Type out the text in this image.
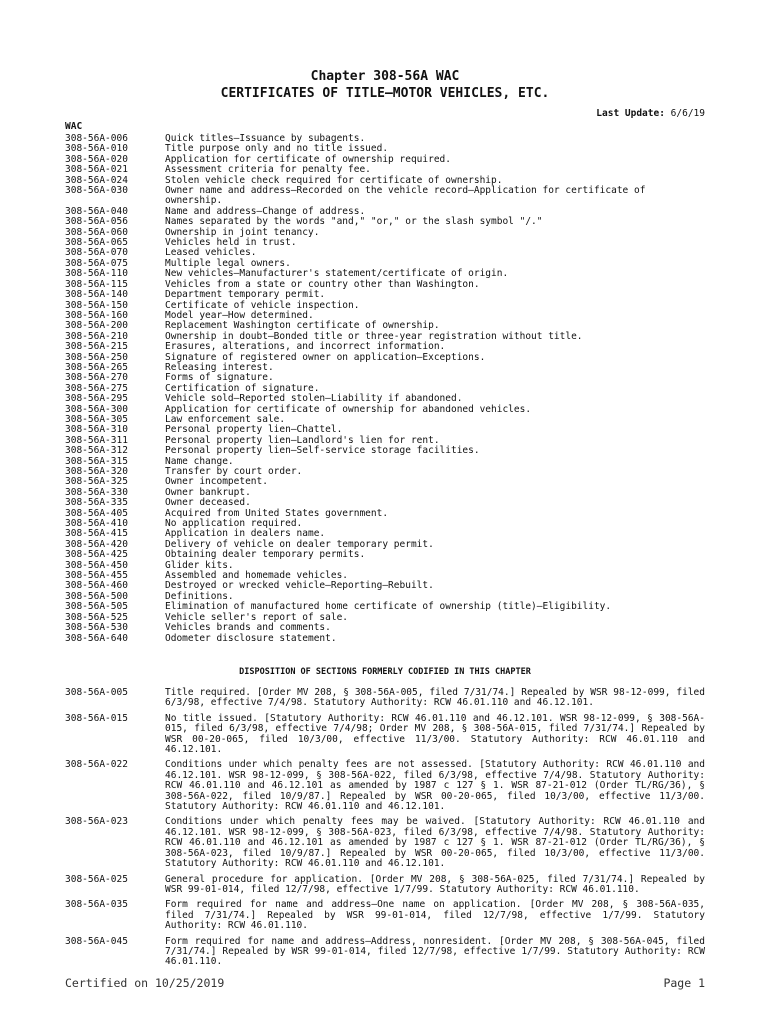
Chapter 308-56A WAC
CERTIFICATES OF TITLE—MOTOR VEHICLES, ETC.
Last Update: 6/6/19
WAC
308-56A-006	Quick titles—Issuance by subagents.
308-56A-010	Title purpose only and no title issued.
308-56A-020	Application for certificate of ownership required.
308-56A-021	Assessment criteria for penalty fee.
308-56A-024	Stolen vehicle check required for certificate of ownership.
308-56A-030	Owner name and address—Recorded on the vehicle record—Application for certificate of ownership.
308-56A-040	Name and address—Change of address.
308-56A-056	Names separated by the words "and," "or," or the slash symbol "/."
308-56A-060	Ownership in joint tenancy.
308-56A-065	Vehicles held in trust.
308-56A-070	Leased vehicles.
308-56A-075	Multiple legal owners.
308-56A-110	New vehicles—Manufacturer's statement/certificate of origin.
308-56A-115	Vehicles from a state or country other than Washington.
308-56A-140	Department temporary permit.
308-56A-150	Certificate of vehicle inspection.
308-56A-160	Model year—How determined.
308-56A-200	Replacement Washington certificate of ownership.
308-56A-210	Ownership in doubt—Bonded title or three-year registration without title.
308-56A-215	Erasures, alterations, and incorrect information.
308-56A-250	Signature of registered owner on application—Exceptions.
308-56A-265	Releasing interest.
308-56A-270	Forms of signature.
308-56A-275	Certification of signature.
308-56A-295	Vehicle sold—Reported stolen—Liability if abandoned.
308-56A-300	Application for certificate of ownership for abandoned vehicles.
308-56A-305	Law enforcement sale.
308-56A-310	Personal property lien—Chattel.
308-56A-311	Personal property lien—Landlord's lien for rent.
308-56A-312	Personal property lien—Self-service storage facilities.
308-56A-315	Name change.
308-56A-320	Transfer by court order.
308-56A-325	Owner incompetent.
308-56A-330	Owner bankrupt.
308-56A-335	Owner deceased.
308-56A-405	Acquired from United States government.
308-56A-410	No application required.
308-56A-415	Application in dealers name.
308-56A-420	Delivery of vehicle on dealer temporary permit.
308-56A-425	Obtaining dealer temporary permits.
308-56A-450	Glider kits.
308-56A-455	Assembled and homemade vehicles.
308-56A-460	Destroyed or wrecked vehicle—Reporting—Rebuilt.
308-56A-500	Definitions.
308-56A-505	Elimination of manufactured home certificate of ownership (title)—Eligibility.
308-56A-525	Vehicle seller's report of sale.
308-56A-530	Vehicles brands and comments.
308-56A-640	Odometer disclosure statement.
DISPOSITION OF SECTIONS FORMERLY CODIFIED IN THIS CHAPTER
308-56A-005	Title required. [Order MV 208, § 308-56A-005, filed 7/31/74.] Repealed by WSR 98-12-099, filed 6/3/98, effective 7/4/98. Statutory Authority: RCW 46.01.110 and 46.12.101.
308-56A-015	No title issued. [Statutory Authority: RCW 46.01.110 and 46.12.101. WSR 98-12-099, § 308-56A-015, filed 6/3/98, effective 7/4/98; Order MV 208, § 308-56A-015, filed 7/31/74.] Repealed by WSR 00-20-065, filed 10/3/00, effective 11/3/00. Statutory Authority: RCW 46.01.110 and 46.12.101.
308-56A-022	Conditions under which penalty fees are not assessed. [Statutory Authority: RCW 46.01.110 and 46.12.101. WSR 98-12-099, § 308-56A-022, filed 6/3/98, effective 7/4/98. Statutory Authority: RCW 46.01.110 and 46.12.101 as amended by 1987 c 127 § 1. WSR 87-21-012 (Order TL/RG/36), § 308-56A-022, filed 10/9/87.] Repealed by WSR 00-20-065, filed 10/3/00, effective 11/3/00. Statutory Authority: RCW 46.01.110 and 46.12.101.
308-56A-023	Conditions under which penalty fees may be waived. [Statutory Authority: RCW 46.01.110 and 46.12.101. WSR 98-12-099, § 308-56A-023, filed 6/3/98, effective 7/4/98. Statutory Authority: RCW 46.01.110 and 46.12.101 as amended by 1987 c 127 § 1. WSR 87-21-012 (Order TL/RG/36), § 308-56A-023, filed 10/9/87.] Repealed by WSR 00-20-065, filed 10/3/00, effective 11/3/00. Statutory Authority: RCW 46.01.110 and 46.12.101.
308-56A-025	General procedure for application. [Order MV 208, § 308-56A-025, filed 7/31/74.] Repealed by WSR 99-01-014, filed 12/7/98, effective 1/7/99. Statutory Authority: RCW 46.01.110.
308-56A-035	Form required for name and address—One name on application. [Order MV 208, § 308-56A-035, filed 7/31/74.] Repealed by WSR 99-01-014, filed 12/7/98, effective 1/7/99. Statutory Authority: RCW 46.01.110.
308-56A-045	Form required for name and address—Address, nonresident. [Order MV 208, § 308-56A-045, filed 7/31/74.] Repealed by WSR 99-01-014, filed 12/7/98, effective 1/7/99. Statutory Authority: RCW 46.01.110.
Certified on 10/25/2019	Page 1
